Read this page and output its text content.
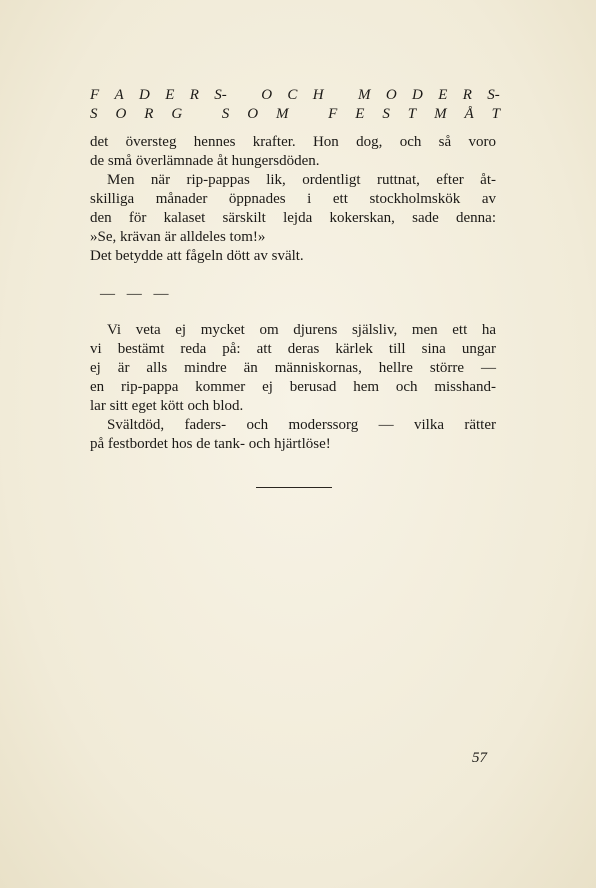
F A D E R S-
O C H
M O D E R S-
S O R G
	S O M
	F E S T M Å T
det översteg hennes krafter. Hon dog, och så voro
de små överlämnade åt hungersdöden.
Men när rip-pappas lik, ordentligt ruttnat, efter åt-
skilliga månader öppnades i ett stockholmskök av
den för kalaset särskilt lejda kokerskan, sade denna:
»Se, krävan är alldeles tom!»
Det betydde att fågeln dött av svält.
— — —
Vi veta ej mycket om djurens själsliv, men ett ha
vi bestämt reda på: att deras kärlek till sina ungar
ej är alls mindre än människornas, hellre större —
en rip-pappa kommer ej berusad hem och misshand-
lar sitt eget kött och blod.
Svältdöd, faders- och moderssorg — vilka rätter
på festbordet hos de tank- och hjärtlöse!
57
